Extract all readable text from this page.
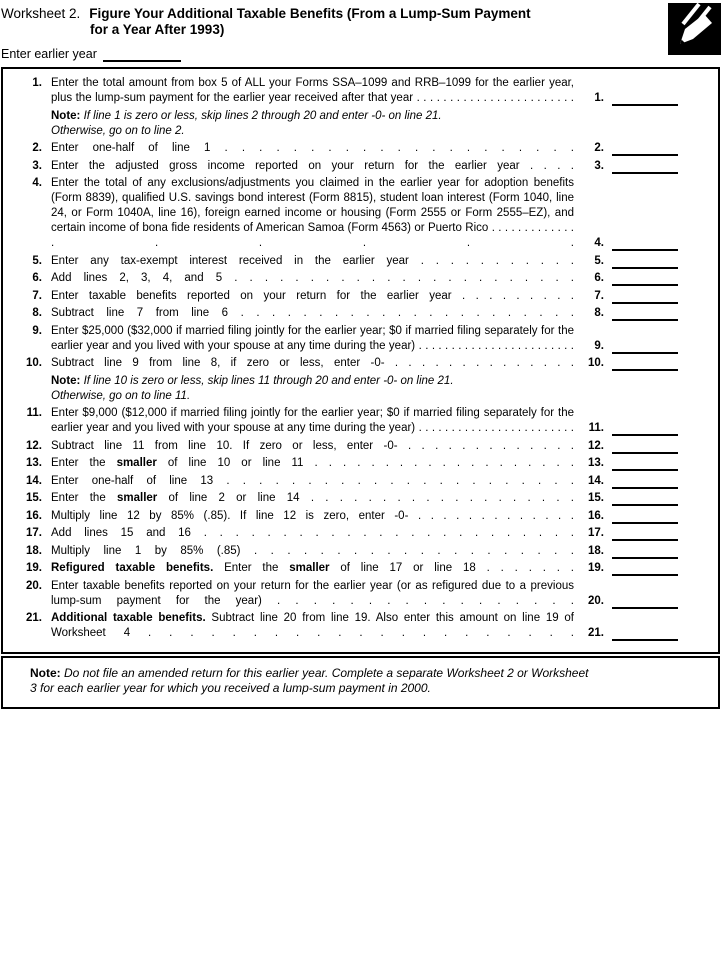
Worksheet 2. Figure Your Additional Taxable Benefits (From a Lump-Sum Payment
for a Year After 1993)
Enter earlier year
1. Enter the total amount from box 5 of ALL your Forms SSA–1099 and RRB–1099 for the earlier year, plus the lump-sum payment for the earlier year received after that year . . . . . . . . . . . . . . . . . . . . . . . . 1.
Note: If line 1 is zero or less, skip lines 2 through 20 and enter -0- on line 21.
Otherwise, go on to line 2.
2. Enter one-half of line 1 . . . . . . . . . . . . . . . . . . . . . 2.
3. Enter the adjusted gross income reported on your return for the earlier year . . . . 3.
4. Enter the total of any exclusions/adjustments you claimed in the earlier year for adoption benefits (Form 8839), qualified U.S. savings bond interest (Form 8815), student loan interest (Form 1040, line 24, or Form 1040A, line 16), foreign earned income or housing (Form 2555 or Form 2555–EZ), and certain income of bona fide residents of American Samoa (Form 4563) or Puerto Rico . . . . . . . . . . . . . . . . . . . 4.
5. Enter any tax-exempt interest received in the earlier year . . . . . . . . . . . 5.
6. Add lines 2, 3, 4, and 5 . . . . . . . . . . . . . . . . . . . . . . . 6.
7. Enter taxable benefits reported on your return for the earlier year . . . . . . . . . 7.
8. Subtract line 7 from line 6 . . . . . . . . . . . . . . . . . . . . . . 8.
9. Enter $25,000 ($32,000 if married filing jointly for the earlier year; $0 if married filing separately for the earlier year and you lived with your spouse at any time during the year) . . . . . . . . . . . . . . . . . . . . . . . . 9.
10. Subtract line 9 from line 8, if zero or less, enter -0- . . . . . . . . . . . . . . 10.
Note: If line 10 is zero or less, skip lines 11 through 20 and enter -0- on line 21.
Otherwise, go on to line 11.
11. Enter $9,000 ($12,000 if married filing jointly for the earlier year; $0 if married filing separately for the earlier year and you lived with your spouse at any time during the year) . . . . . . . . . . . . . . . . . . . . . . . . 11.
12. Subtract line 11 from line 10. If zero or less, enter -0- . . . . . . . . . . . . . 12.
13. Enter the smaller of line 10 or line 11 . . . . . . . . . . . . . . . . . . . 13.
14. Enter one-half of line 13 . . . . . . . . . . . . . . . . . . . . . . 14.
15. Enter the smaller of line 2 or line 14 . . . . . . . . . . . . . . . . . . . 15.
16. Multiply line 12 by 85% (.85). If line 12 is zero, enter -0- . . . . . . . . . . . . . 16.
17. Add lines 15 and 16 . . . . . . . . . . . . . . . . . . . . . . . . 17.
18. Multiply line 1 by 85% (.85) . . . . . . . . . . . . . . . . . . . . 18.
19. Refigured taxable benefits. Enter the smaller of line 17 or line 18 . . . . . . . 19.
20. Enter taxable benefits reported on your return for the earlier year (or as refigured due to a previous lump-sum payment for the year) . . . . . . . . . . . . . . . . . 20.
21. Additional taxable benefits. Subtract line 20 from line 19. Also enter this amount on line 19 of Worksheet 4 . . . . . . . . . . . . . . . . . . . . . 21.
Note: Do not file an amended return for this earlier year. Complete a separate Worksheet 2 or Worksheet 3 for each earlier year for which you received a lump-sum payment in 2000.
